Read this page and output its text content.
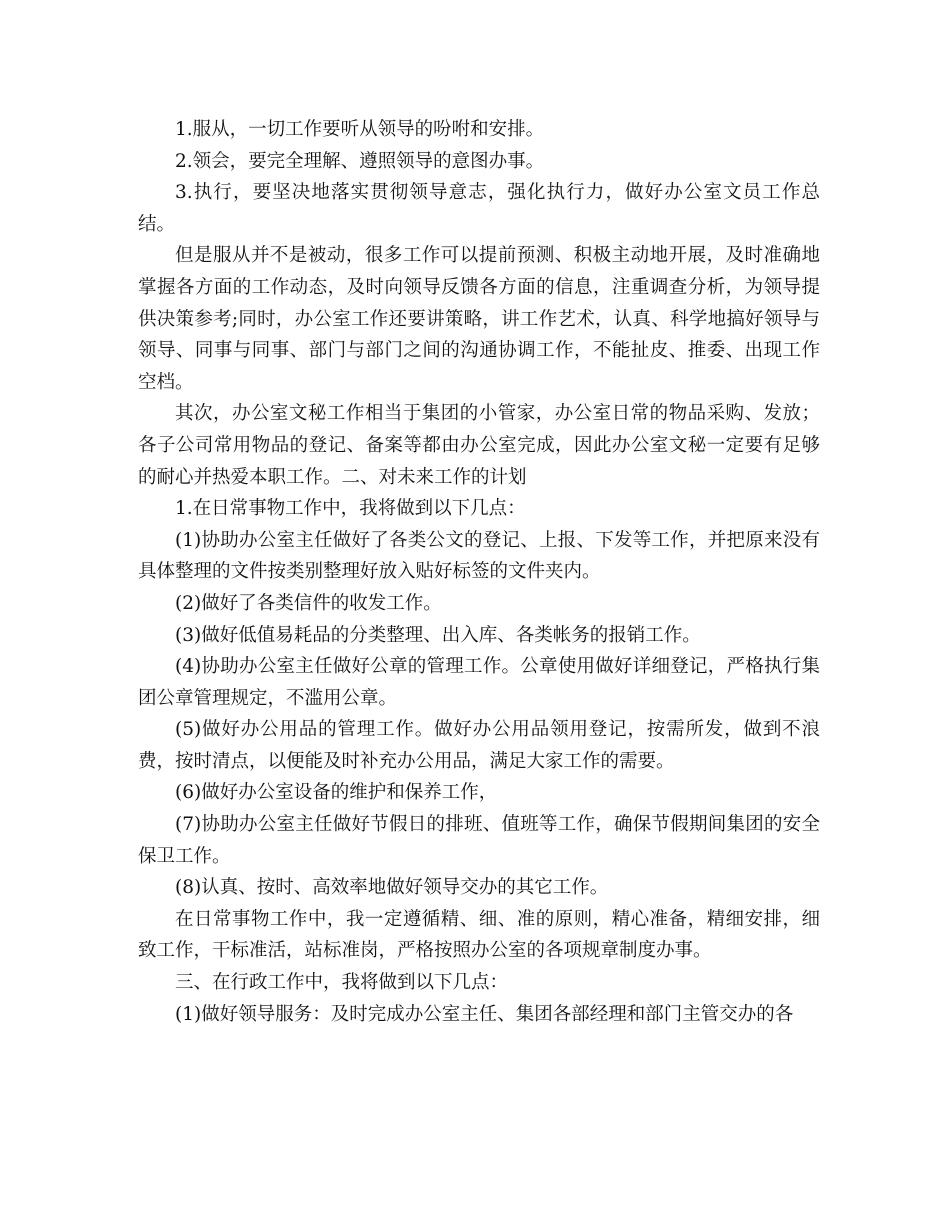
1.服从，一切工作要听从领导的吩咐和安排。

2.领会，要完全理解、遵照领导的意图办事。

3.执行，要坚决地落实贯彻领导意志，强化执行力，做好办公室文员工作总结。

但是服从并不是被动，很多工作可以提前预测、积极主动地开展，及时准确地掌握各方面的工作动态，及时向领导反馈各方面的信息，注重调查分析，为领导提供决策参考;同时，办公室工作还要讲策略，讲工作艺术，认真、科学地搞好领导与领导、同事与同事、部门与部门之间的沟通协调工作，不能扯皮、推委、出现工作空档。

其次，办公室文秘工作相当于集团的小管家，办公室日常的物品采购、发放；各子公司常用物品的登记、备案等都由办公室完成，因此办公室文秘一定要有足够的耐心并热爱本职工作。二、对未来工作的计划

1.在日常事物工作中，我将做到以下几点：

(1)协助办公室主任做好了各类公文的登记、上报、下发等工作，并把原来没有具体整理的文件按类别整理好放入贴好标签的文件夹内。

(2)做好了各类信件的收发工作。

(3)做好低值易耗品的分类整理、出入库、各类帐务的报销工作。

(4)协助办公室主任做好公章的管理工作。公章使用做好详细登记，严格执行集团公章管理规定，不滥用公章。

(5)做好办公用品的管理工作。做好办公用品领用登记，按需所发，做到不浪费，按时清点，以便能及时补充办公用品，满足大家工作的需要。

(6)做好办公室设备的维护和保养工作，

(7)协助办公室主任做好节假日的排班、值班等工作，确保节假期间集团的安全保卫工作。

(8)认真、按时、高效率地做好领导交办的其它工作。

在日常事物工作中，我一定遵循精、细、准的原则，精心准备，精细安排，细致工作，干标准活，站标准岗，严格按照办公室的各项规章制度办事。

三、在行政工作中，我将做到以下几点：

(1)做好领导服务：及时完成办公室主任、集团各部经理和部门主管交办的各
